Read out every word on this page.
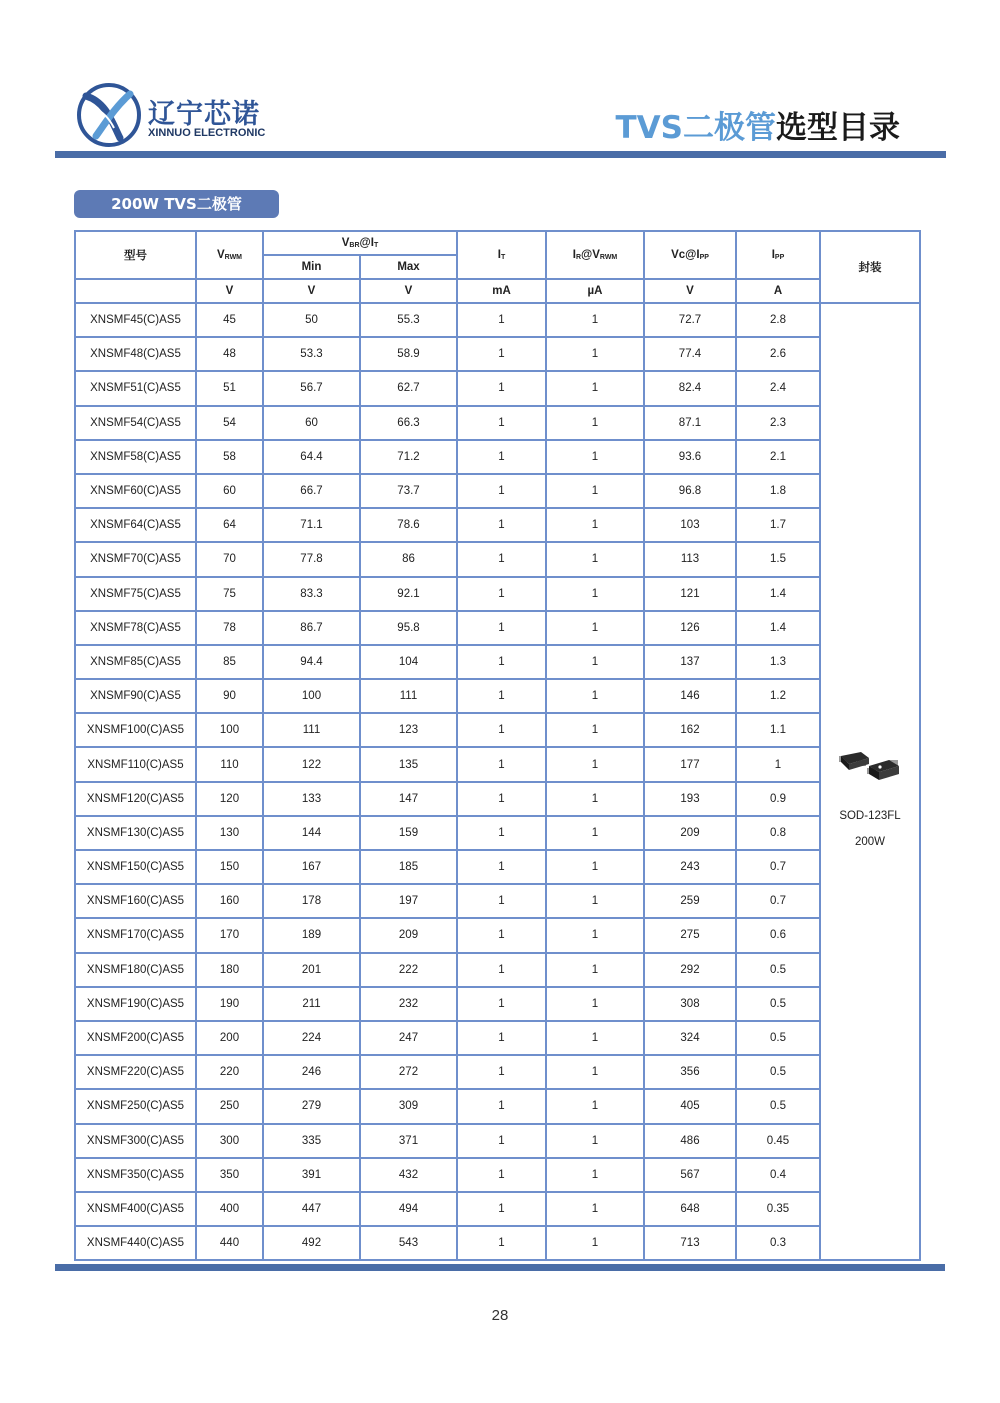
辽宁芯诺
XINNUO ELECTRONIC	TVS二极管选型目录
200W TVS二极管
型号	VRWM	VBR@IT		IT	IR@VRWM	Vc@IPP	IPP	封装
		Min	Max					
	V	V	V	mA	µA	V	A	
XNSMF45(C)AS5	45	50	55.3	1	1	72.7	2.8	SOD-123FL
200W

XNSMF48(C)AS5	48	53.3	58.9	1	1	77.4	2.6	
XNSMF51(C)AS5	51	56.7	62.7	1	1	82.4	2.4	
XNSMF54(C)AS5	54	60	66.3	1	1	87.1	2.3	
XNSMF58(C)AS5	58	64.4	71.2	1	1	93.6	2.1	
XNSMF60(C)AS5	60	66.7	73.7	1	1	96.8	1.8	
XNSMF64(C)AS5	64	71.1	78.6	1	1	103	1.7	
XNSMF70(C)AS5	70	77.8	86	1	1	113	1.5	
XNSMF75(C)AS5	75	83.3	92.1	1	1	121	1.4	
XNSMF78(C)AS5	78	86.7	95.8	1	1	126	1.4	
XNSMF85(C)AS5	85	94.4	104	1	1	137	1.3	
XNSMF90(C)AS5	90	100	111	1	1	146	1.2	
XNSMF100(C)AS5	100	111	123	1	1	162	1.1	
XNSMF110(C)AS5	110	122	135	1	1	177	1	
XNSMF120(C)AS5	120	133	147	1	1	193	0.9	
XNSMF130(C)AS5	130	144	159	1	1	209	0.8	
XNSMF150(C)AS5	150	167	185	1	1	243	0.7	
XNSMF160(C)AS5	160	178	197	1	1	259	0.7	
XNSMF170(C)AS5	170	189	209	1	1	275	0.6	
XNSMF180(C)AS5	180	201	222	1	1	292	0.5	
XNSMF190(C)AS5	190	211	232	1	1	308	0.5	
XNSMF200(C)AS5	200	224	247	1	1	324	0.5	
XNSMF220(C)AS5	220	246	272	1	1	356	0.5	
XNSMF250(C)AS5	250	279	309	1	1	405	0.5	
XNSMF300(C)AS5	300	335	371	1	1	486	0.45	
XNSMF350(C)AS5	350	391	432	1	1	567	0.4	
XNSMF400(C)AS5	400	447	494	1	1	648	0.35	
XNSMF440(C)AS5	440	492	543	1	1	713	0.3	
28
